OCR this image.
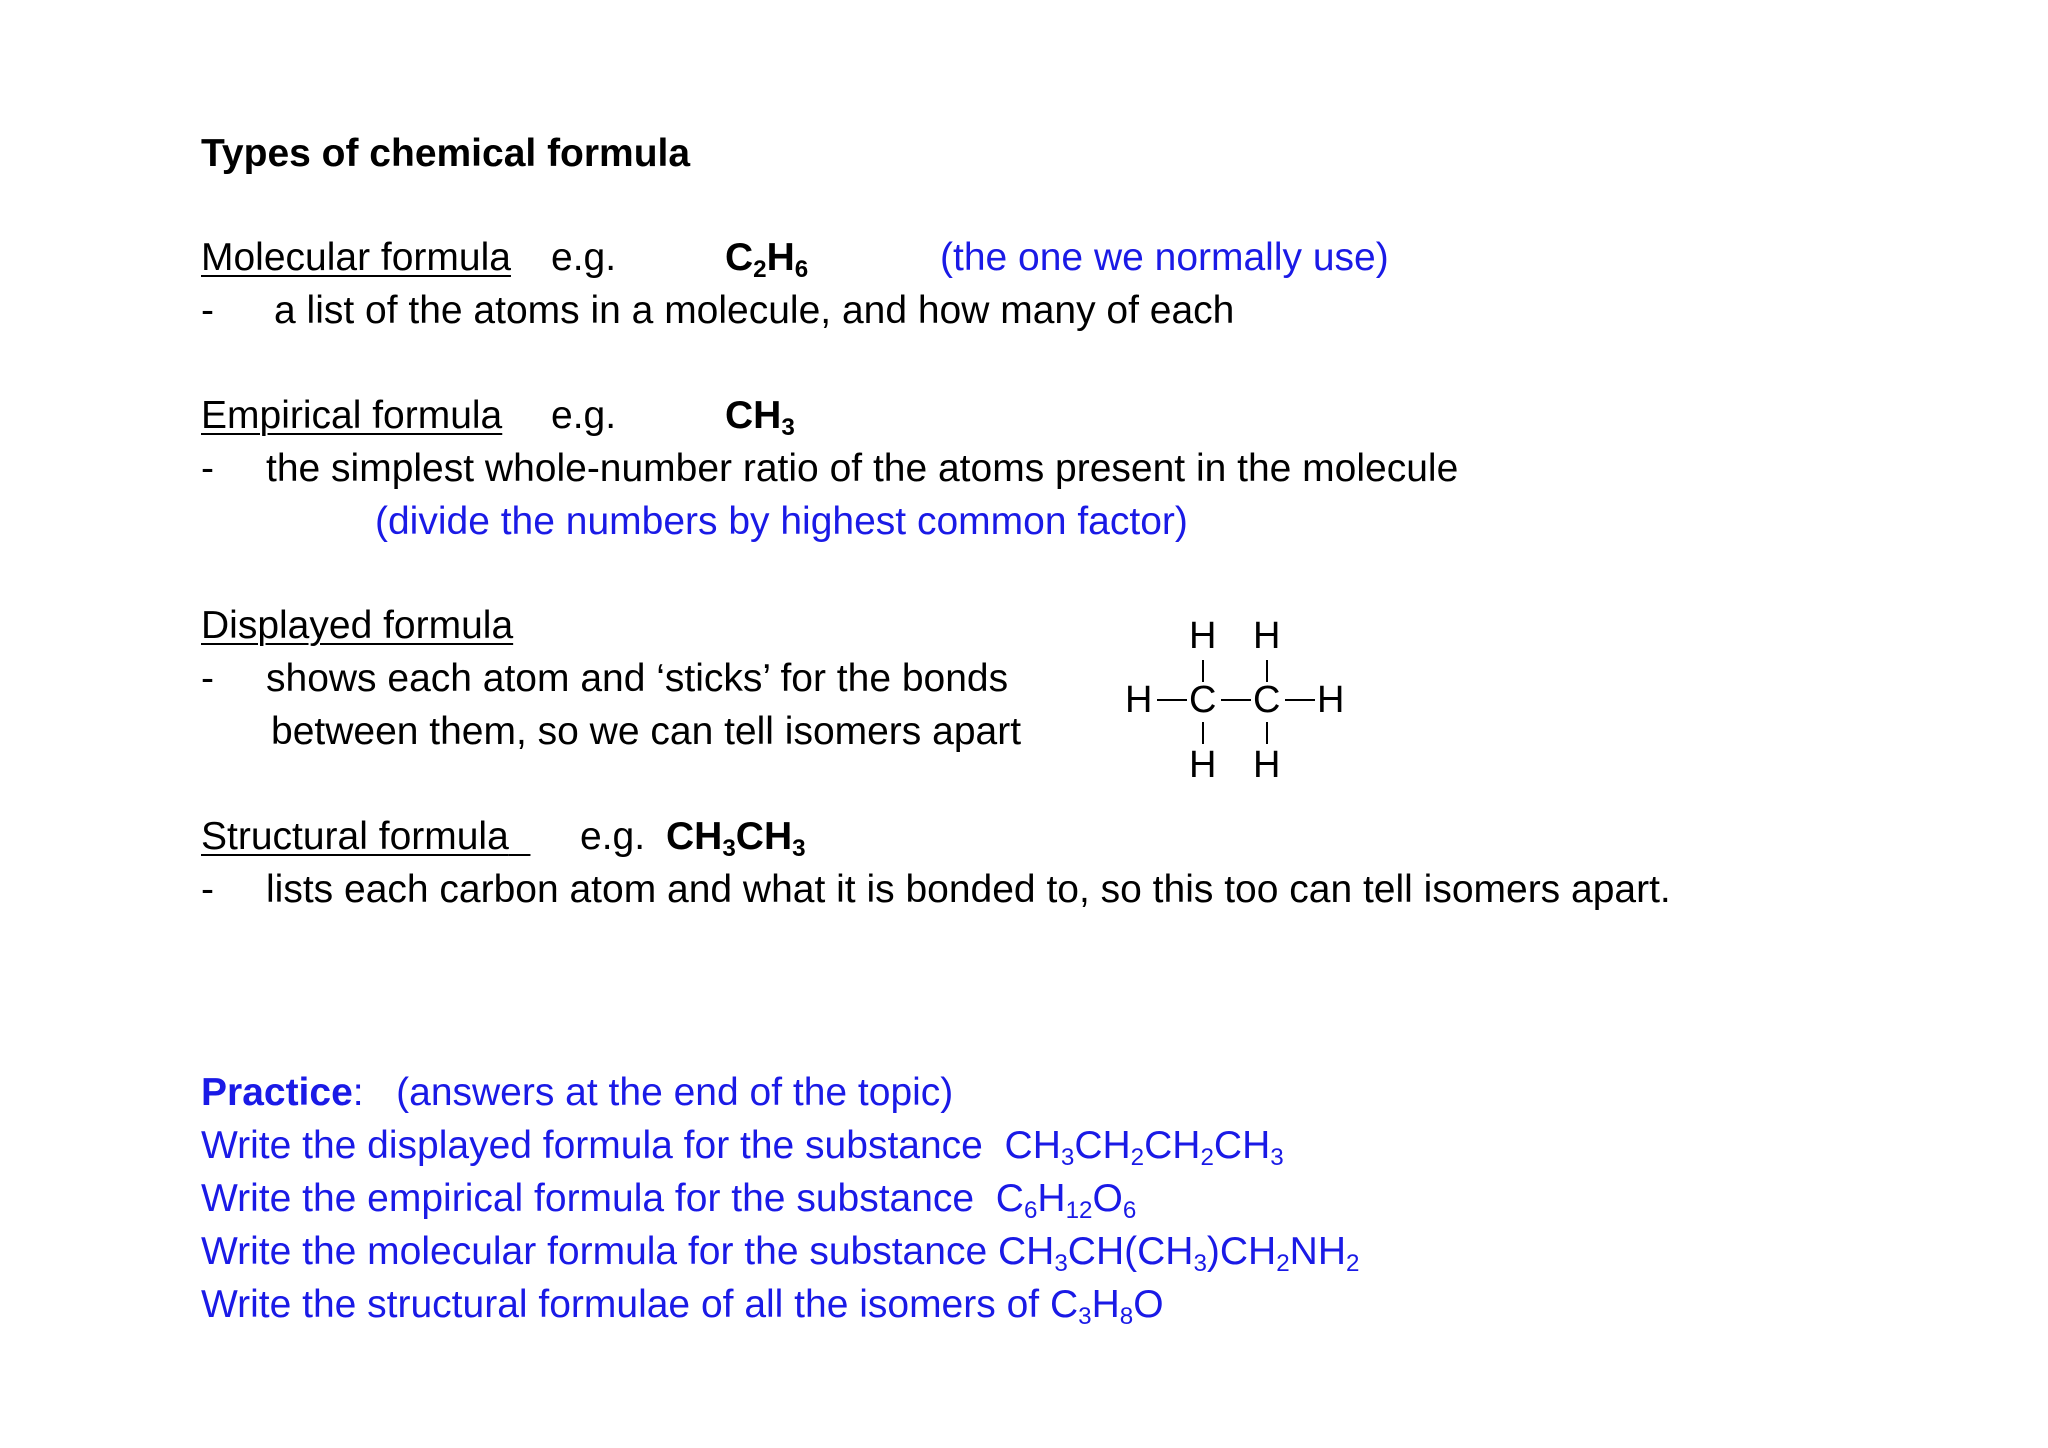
Types of chemical formula
Molecular formula e.g.	$C_2H_6$	(the one we normally use)
- a list of the atoms in a molecule, and how many of each
Empirical formula e.g.	$CH_3$
- the simplest whole-number ratio of the atoms present in the molecule
(divide the numbers by highest common factor)
Displayed formula
- shows each atom and ‘sticks’ for the bonds
between them, so we can tell isomers apart
H H
H C C H
H H
Structural formula	e.g. $CH_3CH_3$
- lists each carbon atom and what it is bonded to, so this too can tell isomers apart.
Practice: (answers at the end of the topic)
Write the displayed formula for the substance $CH_3CH_2CH_2CH_3$
Write the empirical formula for the substance $C_6H_{12}O_6$
Write the molecular formula for the substance $CH_3CH(CH_3)CH_2NH_2$
Write the structural formulae of all the isomers of $C_3H_8O$
